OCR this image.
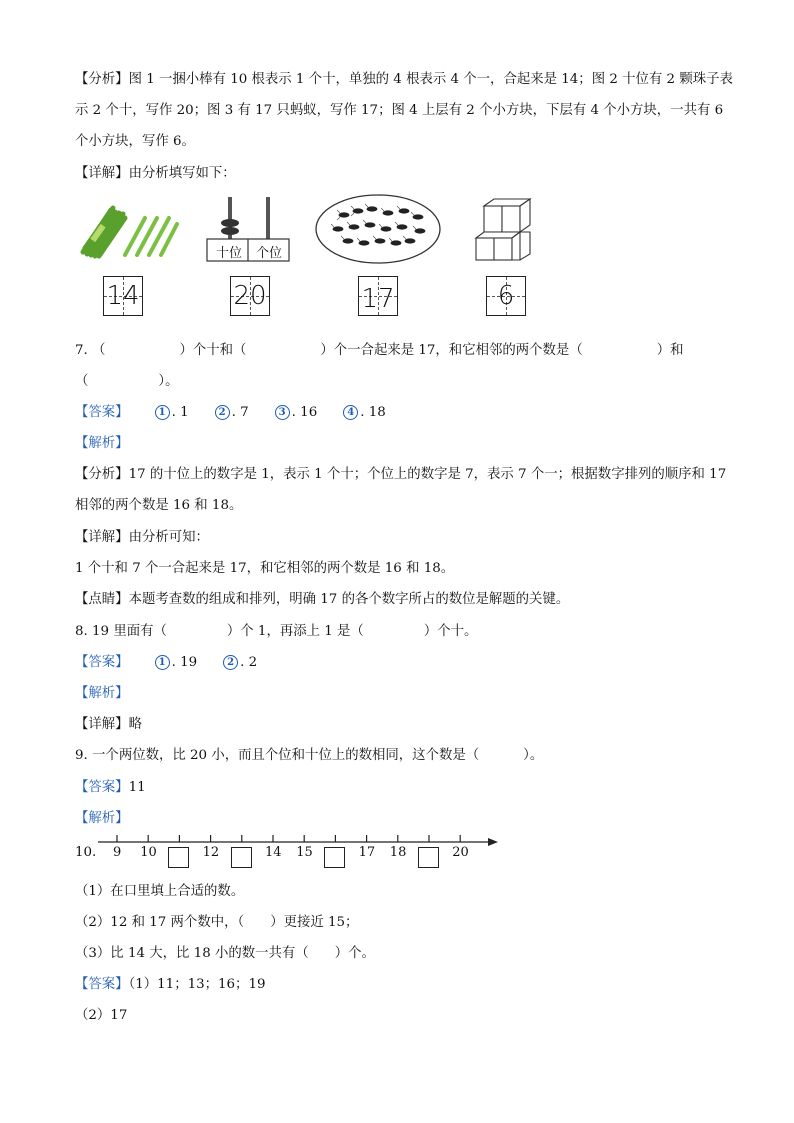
【分析】图 1 一捆小棒有 10 根表示 1 个十，单独的 4 根表示 4 个一，合起来是 14；图 2 十位有 2 颗珠子表
示 2 个十，写作 20；图 3 有 17 只蚂蚁，写作 17；图 4 上层有 2 个小方块，下层有 4 个小方块，一共有 6
个小方块，写作 6。
【详解】由分析填写如下：
十位	个位
14	20	17	6
7. （	）个十和（	）个一合起来是 17，和它相邻的两个数是（	）和
（	）。
【答案】	1 . 1	2 . 7	3 . 16	4 . 18
【解析】
【分析】17 的十位上的数字是 1，表示 1 个十；个位上的数字是 7，表示 7 个一；根据数字排列的顺序和 17
相邻的两个数是 16 和 18。
【详解】由分析可知：
1 个十和 7 个一合起来是 17，和它相邻的两个数是 16 和 18。
【点睛】本题考查数的组成和排列，明确 17 的各个数字所占的数位是解题的关键。
8. 19 里面有（	）个 1，再添上 1 是（	）个十。
【答案】	1 . 19	2 . 2
【解析】
【详解】略
9. 一个两位数，比 20 小，而且个位和十位上的数相同，这个数是（	）。
【答案】11
【解析】
10. 9 10	12	14 15	17 18	20
（1）在口里填上合适的数。
（2）12 和 17 两个数中，（ ）更接近 15；
（3）比 14 大，比 18 小的数一共有（ ）个。
【答案】（1）11；13；16；19
（2）17
